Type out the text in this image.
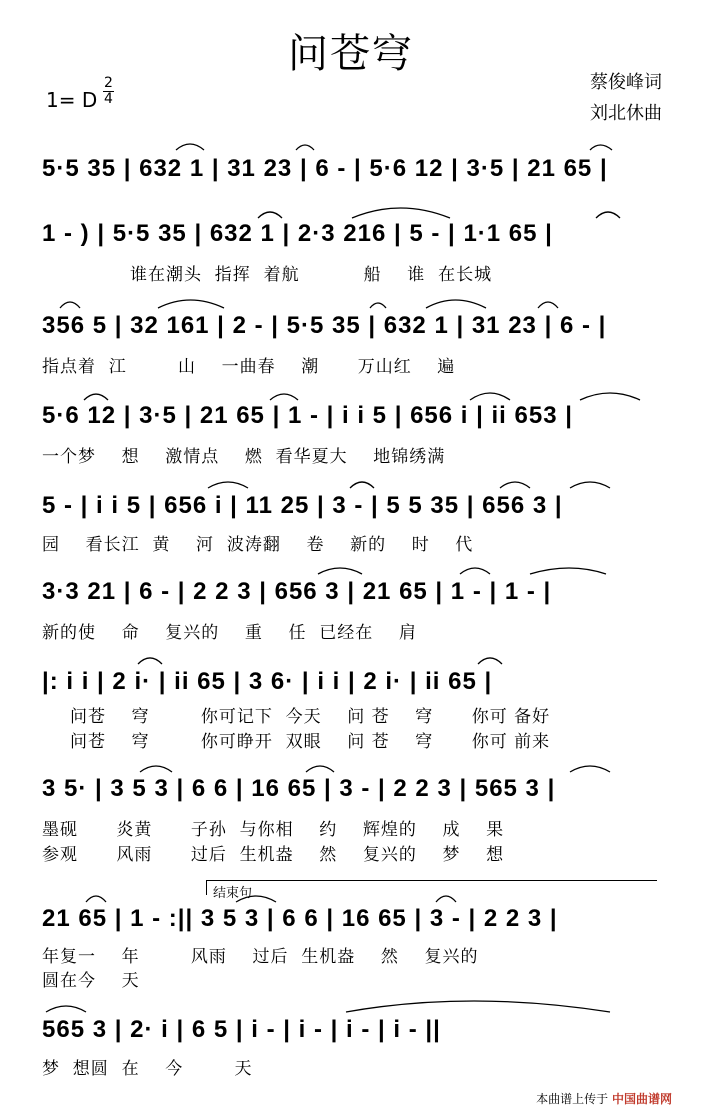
问苍穹
1= D
2
4
蔡俊峰词
刘北休曲
5·5 35 | 632 1 | 31 23 | 6 - | 5·6 12 | 3·5 | 21 65 |
1 - ) | 5·5 35 | 632 1 | 2·3 216 | 5 - | 1·1 65 |
谁在潮头  指挥  着航          船    谁  在长城
356 5 | 32 161 | 2 - | 5·5 35 | 632 1 | 31 23 | 6 - |
指点着  江        山    一曲春    潮      万山红    遍
5·6 12 | 3·5 | 21 65 | 1 - | i i 5 | 656 i | ii 653 |
一个梦    想    激情点    燃  看华夏大    地锦绣满
5 - | i i 5 | 656 i | 11 25 | 3 - | 5 5 35 | 656 3 |
园    看长江  黄    河  波涛翻    卷    新的    时    代
3·3 21 | 6 - | 2 2 3 | 656 3 | 21 65 | 1 - | 1 - |
新的使    命    复兴的    重    任  已经在    肩
|: i i | 2 i· | ii 65 | 3 6· | i i | 2 i· | ii 65 |
问苍    穹        你可记下  今天    问 苍    穹      你可 备好
问苍    穹        你可睁开  双眼    问 苍    穹      你可 前来
3 5· | 3 5 3 | 6 6 | 16 65 | 3 - | 2 2 3 | 565 3 |
墨砚      炎黄      子孙  与你相    约    辉煌的    成    果
参观      风雨      过后  生机盎    然    复兴的    梦    想
结束句
21 65 | 1 - :|| 3 5 3 | 6 6 | 16 65 | 3 - | 2 2 3 |
年复一    年        风雨    过后  生机盎    然    复兴的
圆在今    天
565 3 | 2· i | 6 5 | i - | i - | i - | i - ||
梦  想圆  在    今        天
本曲谱上传于 中国曲谱网
